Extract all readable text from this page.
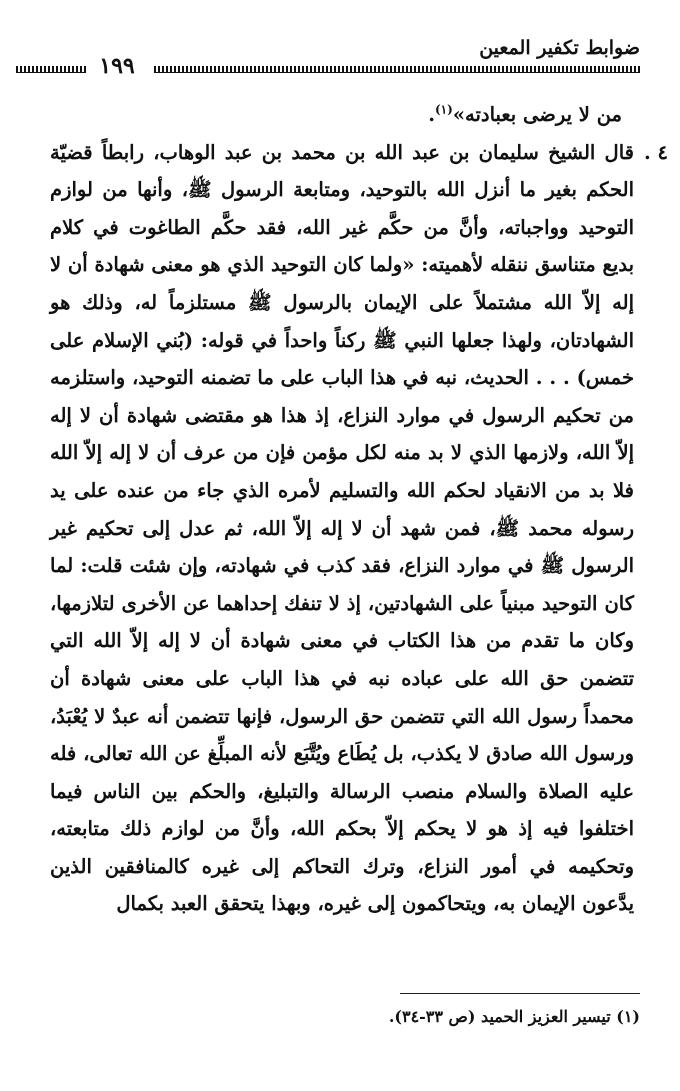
ضوابط تكفير المعين
١٩٩

من لا يرضى بعبادته»$^{(١)}$.

٤ .
قال الشيخ سليمان بن عبد الله بن محمد بن عبد الوهاب، رابطاً قضيّة الحكم بغير ما أنزل الله بالتوحيد، ومتابعة الرسول ﷺ، وأنها من لوازم التوحيد وواجباته، وأنَّ من حكَّم غير الله، فقد حكَّم الطاغوت في كلام بديع متناسق ننقله لأهميته: «ولما كان التوحيد الذي هو معنى شهادة أن لا إله إلاّ الله مشتملاً على الإيمان بالرسول ﷺ مستلزماً له، وذلك هو الشهادتان، ولهذا جعلها النبي ﷺ ركناً واحداً في قوله: (بُني الإسلام على خمس) . . . الحديث، نبه في هذا الباب على ما تضمنه التوحيد، واستلزمه من تحكيم الرسول في موارد النزاع، إذ هذا هو مقتضى شهادة أن لا إله إلاّ الله، ولازمها الذي لا بد منه لكل مؤمن فإن من عرف أن لا إله إلاّ الله فلا بد من الانقياد لحكم الله والتسليم لأمره الذي جاء من عنده على يد رسوله محمد ﷺ، فمن شهد أن لا إله إلاّ الله، ثم عدل إلى تحكيم غير الرسول ﷺ في موارد النزاع، فقد كذب في شهادته، وإن شئت قلت: لما كان التوحيد مبنياً على الشهادتين، إذ لا تنفك إحداهما عن الأخرى لتلازمها، وكان ما تقدم من هذا الكتاب في معنى شهادة أن لا إله إلاّ الله التي تتضمن حق الله على عباده نبه في هذا الباب على معنى شهادة أن محمداً رسول الله التي تتضمن حق الرسول، فإنها تتضمن أنه عبدٌ لا يُعْبَدُ، ورسول الله صادق لا يكذب، بل يُطَاع ويُتَّبَع لأنه المبلِّغ عن الله تعالى، فله عليه الصلاة والسلام منصب الرسالة والتبليغ، والحكم بين الناس فيما اختلفوا فيه إذ هو لا يحكم إلاّ بحكم الله، وأنَّ من لوازم ذلك متابعته، وتحكيمه في أمور النزاع، وترك التحاكم إلى غيره كالمنافقين الذين يدَّعون الإيمان به، ويتحاكمون إلى غيره، وبهذا يتحقق العبد بكمال

(١) تيسير العزيز الحميد (ص ٣٣-٣٤).
